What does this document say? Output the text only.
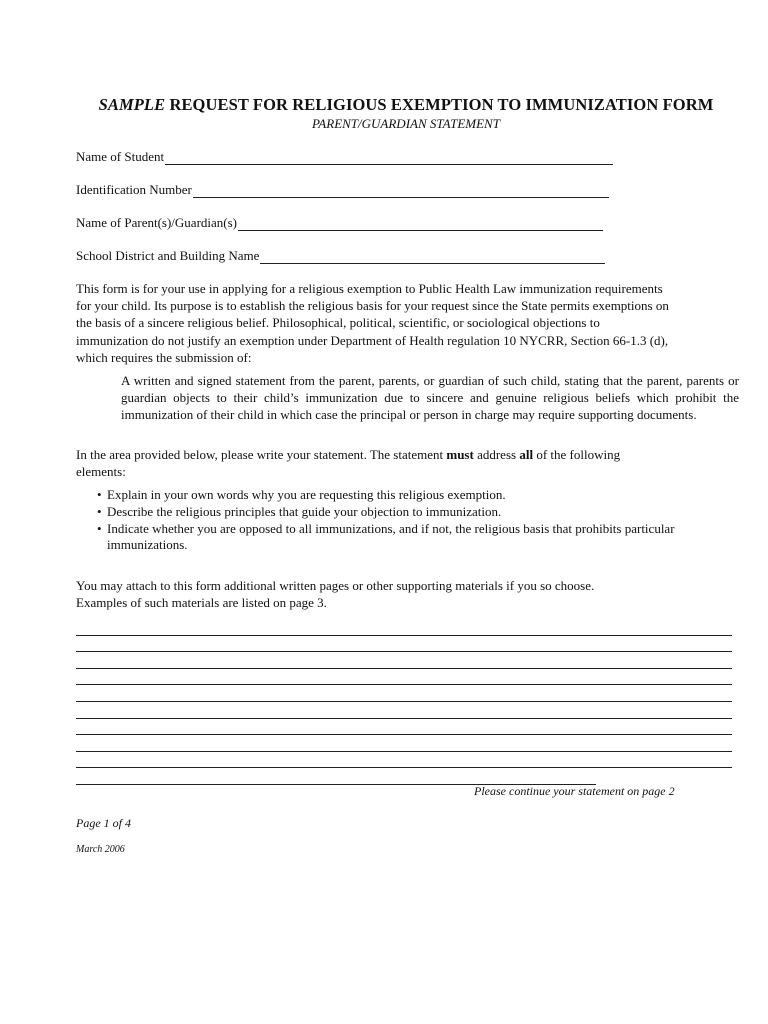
SAMPLE REQUEST FOR RELIGIOUS EXEMPTION TO IMMUNIZATION FORM
PARENT/GUARDIAN STATEMENT
Name of Student
Identification Number
Name of Parent(s)/Guardian(s)
School District and Building Name
This form is for your use in applying for a religious exemption to Public Health Law immunization requirements
for your child. Its purpose is to establish the religious basis for your request since the State permits exemptions on
the basis of a sincere religious belief. Philosophical, political, scientific, or sociological objections to
immunization do not justify an exemption under Department of Health regulation 10 NYCRR, Section 66-1.3 (d),
which requires the submission of:
A written and signed statement from the parent, parents, or guardian of such child, stating that the parent, parents or guardian objects to their child’s immunization due to sincere and genuine religious beliefs which prohibit the immunization of their child in which case the principal or person in charge may require supporting documents.
In the area provided below, please write your statement. The statement must address all of the following
elements:
• Explain in your own words why you are requesting this religious exemption.
• Describe the religious principles that guide your objection to immunization.
• Indicate whether you are opposed to all immunizations, and if not, the religious basis that prohibits particular immunizations.
You may attach to this form additional written pages or other supporting materials if you so choose.
Examples of such materials are listed on page 3.
Please continue your statement on page 2
Page 1 of 4
March 2006
